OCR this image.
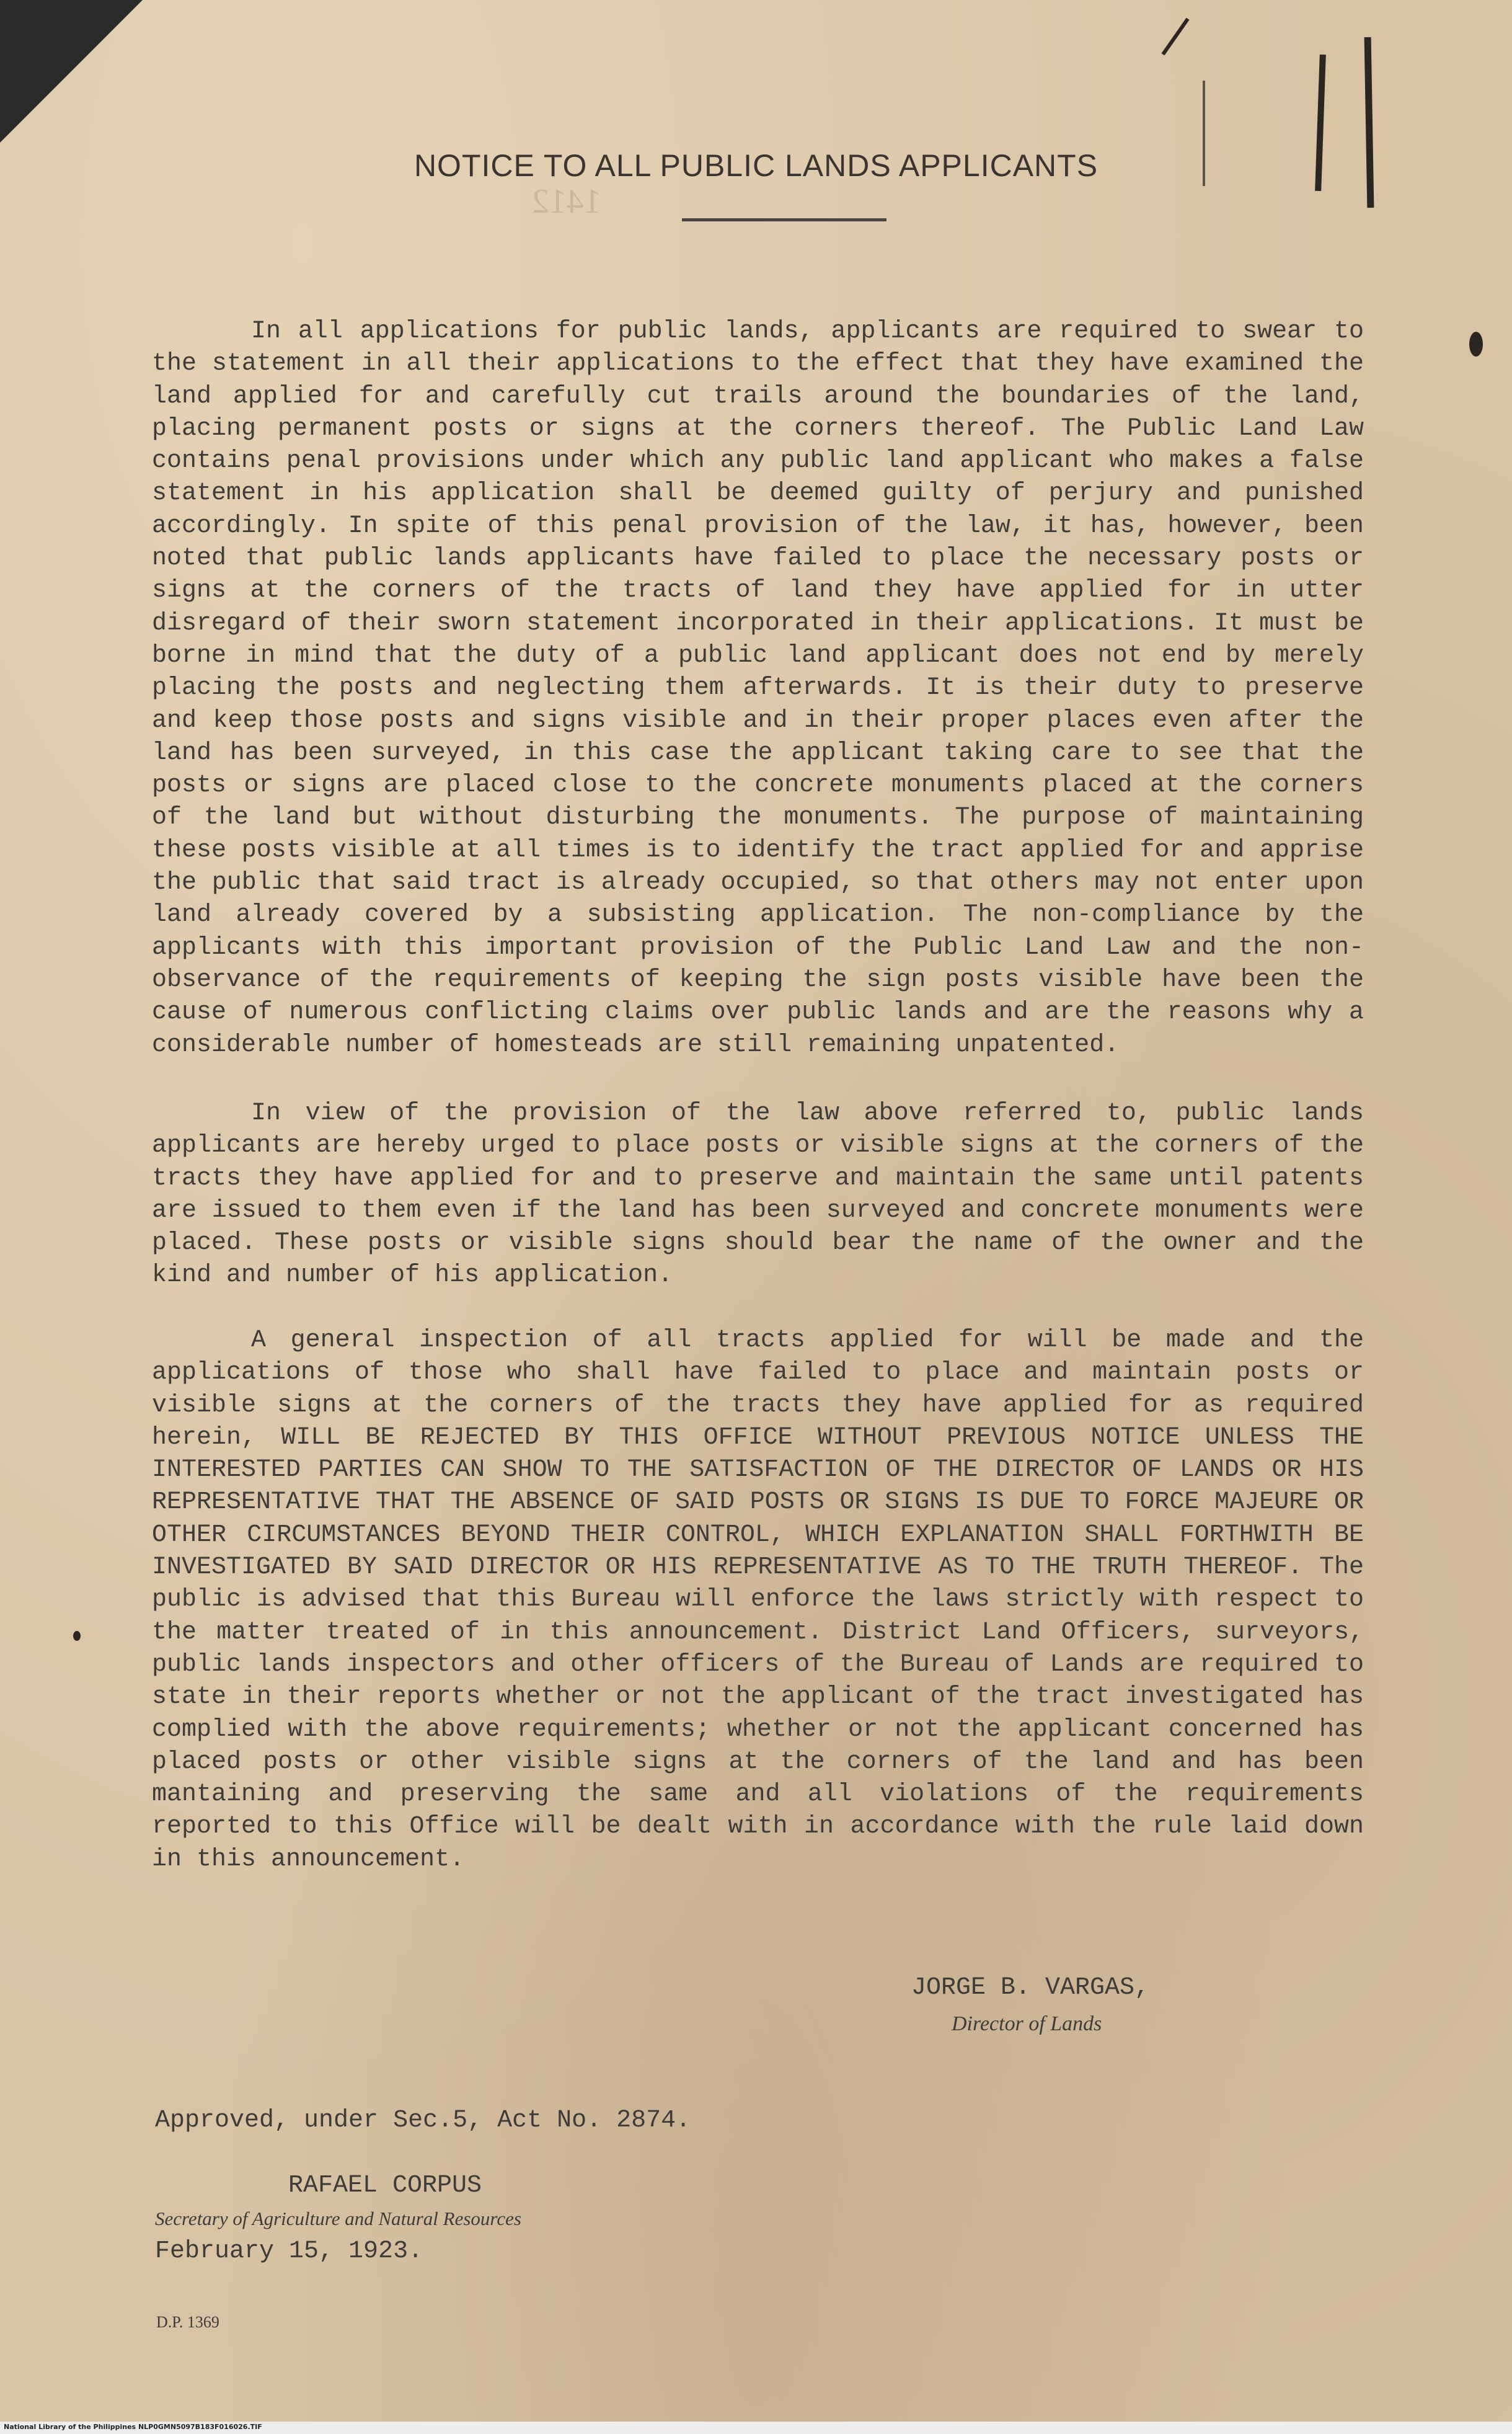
1412
NOTICE TO ALL PUBLIC LANDS APPLICANTS

In all applications for public lands, applicants are required to swear to the statement in all their applications to the effect that they have examined the land applied for and carefully cut trails around the boundaries of the land, placing permanent posts or signs at the corners thereof. The Public Land Law contains penal provisions under which any public land applicant who makes a false statement in his application shall be deemed guilty of perjury and punished accordingly. In spite of this penal provision of the law, it has, however, been noted that public lands applicants have failed to place the necessary posts or signs at the corners of the tracts of land they have applied for in utter disregard of their sworn statement incorporated in their applications. It must be borne in mind that the duty of a public land applicant does not end by merely placing the posts and neglecting them afterwards. It is their duty to preserve and keep those posts and signs visible and in their proper places even after the land has been surveyed, in this case the applicant taking care to see that the posts or signs are placed close to the concrete monuments placed at the corners of the land but without disturbing the monuments. The purpose of maintaining these posts visible at all times is to identify the tract applied for and apprise the public that said tract is already occupied, so that others may not enter upon land already covered by a subsisting application. The non-compliance by the applicants with this important provision of the Public Land Law and the non-observance of the requirements of keeping the sign posts visible have been the cause of numerous conflicting claims over public lands and are the reasons why a considerable number of homesteads are still remaining unpatented.

In view of the provision of the law above referred to, public lands applicants are hereby urged to place posts or visible signs at the corners of the tracts they have applied for and to preserve and maintain the same until patents are issued to them even if the land has been surveyed and concrete monuments were placed. These posts or visible signs should bear the name of the owner and the kind and number of his application.

A general inspection of all tracts applied for will be made and the applications of those who shall have failed to place and maintain posts or visible signs at the corners of the tracts they have applied for as required herein, WILL BE REJECTED BY THIS OFFICE WITHOUT PREVIOUS NOTICE UNLESS THE INTERESTED PARTIES CAN SHOW TO THE SATISFACTION OF THE DIRECTOR OF LANDS OR HIS REPRESENTATIVE THAT THE ABSENCE OF SAID POSTS OR SIGNS IS DUE TO FORCE MAJEURE OR OTHER CIRCUMSTANCES BEYOND THEIR CONTROL, WHICH EXPLANATION SHALL FORTHWITH BE INVESTIGATED BY SAID DIRECTOR OR HIS REPRESENTATIVE AS TO THE TRUTH THEREOF. The public is advised that this Bureau will enforce the laws strictly with respect to the matter treated of in this announcement. District Land Officers, surveyors, public lands inspectors and other officers of the Bureau of Lands are required to state in their reports whether or not the applicant of the tract investigated has complied with the above requirements; whether or not the applicant concerned has placed posts or other visible signs at the corners of the land and has been mantaining and preserving the same and all violations of the requirements reported to this Office will be dealt with in accordance with the rule laid down in this announcement.

JORGE B. VARGAS,
Director of Lands
Approved, under Sec.5, Act No. 2874.
RAFAEL CORPUS
Secretary of Agriculture and Natural Resources
February 15, 1923.
D.P. 1369
National Library of the Philippines NLP0GMN5097B183F016026.TIF
